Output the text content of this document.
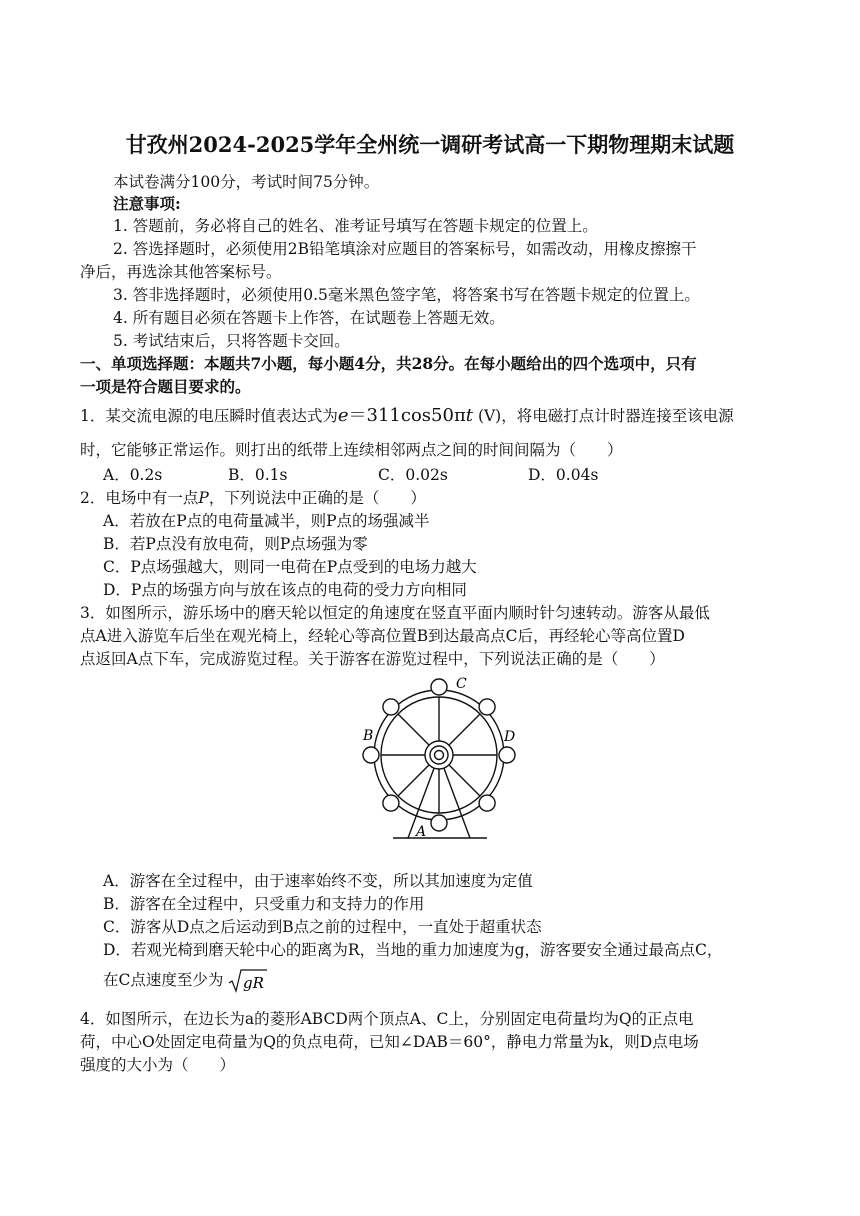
甘孜州2024-2025学年全州统一调研考试高一下期物理期末试题
本试卷满分100分，考试时间75分钟。
注意事项:
1. 答题前，务必将自己的姓名、准考证号填写在答题卡规定的位置上。
2. 答选择题时，必须使用2B铅笔填涂对应题目的答案标号，如需改动，用橡皮擦擦干
净后，再选涂其他答案标号。
3. 答非选择题时，必须使用0.5毫米黑色签字笔，将答案书写在答题卡规定的位置上。
4. 所有题目必须在答题卡上作答，在试题卷上答题无效。
5. 考试结束后，只将答题卡交回。
一、单项选择题：本题共7小题，每小题4分，共28分。在每小题给出的四个选项中，只有
一项是符合题目要求的。
1．某交流电源的电压瞬时值表达式为e＝311cos50πt (V)，将电磁打点计时器连接至该电源
时，它能够正常运作。则打出的纸带上连续相邻两点之间的时间间隔为（　　）
A．0.2s	B．0.1s	C．0.02s	D．0.04s
2．电场中有一点P，下列说法中正确的是（　　）
A．若放在P点的电荷量减半，则P点的场强减半
B．若P点没有放电荷，则P点场强为零
C．P点场强越大，则同一电荷在P点受到的电场力越大
D．P点的场强方向与放在该点的电荷的受力方向相同
3．如图所示，游乐场中的磨天轮以恒定的角速度在竖直平面内顺时针匀速转动。游客从最低
点A进入游览车后坐在观光椅上，经轮心等高位置B到达最高点C后，再经轮心等高位置D
点返回A点下车，完成游览过程。关于游客在游览过程中，下列说法正确的是（　　）
C
B	D
A
A．游客在全过程中，由于速率始终不变，所以其加速度为定值
B．游客在全过程中，只受重力和支持力的作用
C．游客从D点之后运动到B点之前的过程中，一直处于超重状态
D．若观光椅到磨天轮中心的距离为R，当地的重力加速度为g，游客要安全通过最高点C，
在C点速度至少为 gR
4．如图所示，在边长为a的菱形ABCD两个顶点A、C上，分别固定电荷量均为Q的正点电
荷，中心O处固定电荷量为Q的负点电荷，已知∠DAB＝60°，静电力常量为k，则D点电场
强度的大小为（　　）
